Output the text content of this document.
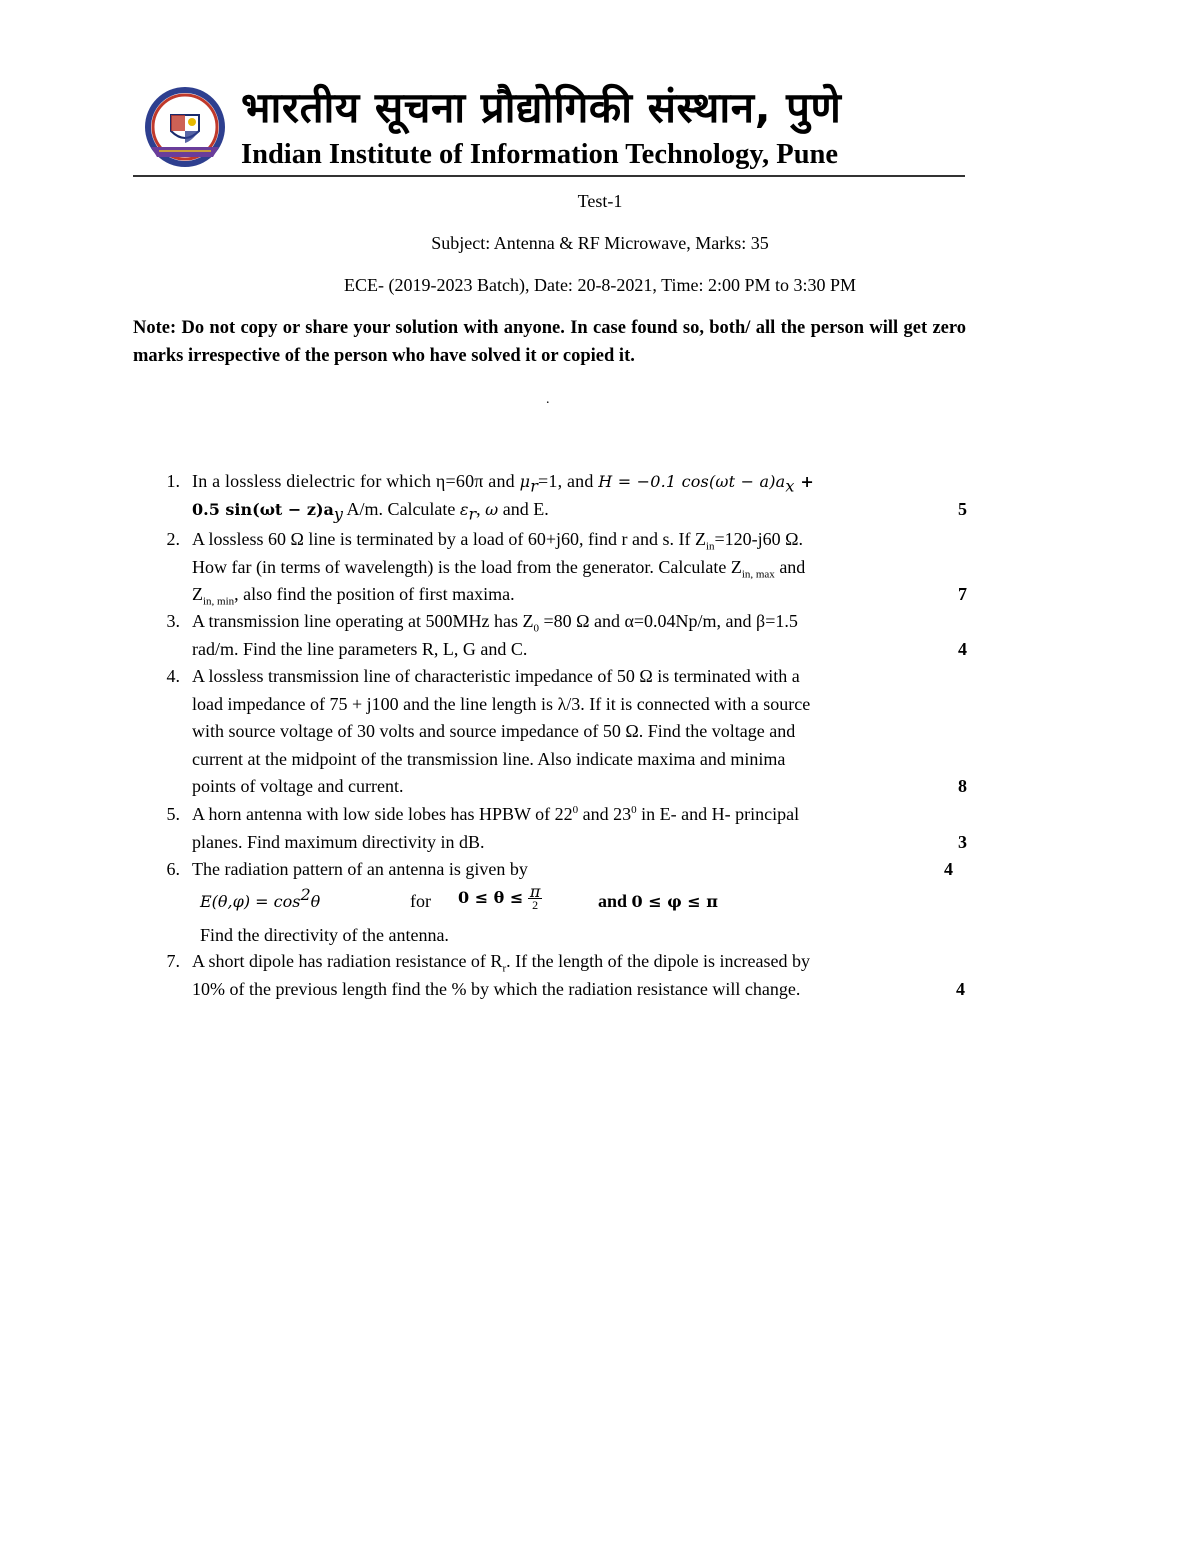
भारतीय सूचना प्रौद्योगिकी संस्थान, पुणे
Indian Institute of Information Technology, Pune
Test-1
Subject: Antenna & RF Microwave, Marks: 35
ECE- (2019-2023 Batch), Date: 20-8-2021, Time: 2:00 PM to 3:30 PM
Note: Do not copy or share your solution with anyone. In case found so, both/ all the person will get zero marks irrespective of the person who have solved it or copied it.
.
1. In a lossless dielectric for which η=60π and $\mu_r=1$, and H = −0.1 $\cos(\omega t - a)a_x$ +
0.5 $\sin(\omega t - z)a_y$ A/m. Calculate $\varepsilon_r$, ω and E.	5
2. A lossless 60 Ω line is terminated by a load of 60+j60, find r and s. If $Z_{in}=120-j60$ Ω.
How far (in terms of wavelength) is the load from the generator. Calculate $Z_{in, max}$ and
$Z_{in, min}$, also find the position of first maxima.	7
3. A transmission line operating at 500MHz has $Z_0 =80$ Ω and α=0.04Np/m, and β=1.5
rad/m. Find the line parameters R, L, G and C.	4
4. A lossless transmission line of characteristic impedance of 50 Ω is terminated with a
load impedance of 75 + j100 and the line length is λ/3. If it is connected with a source
with source voltage of 30 volts and source impedance of 50 Ω. Find the voltage and
current at the midpoint of the transmission line. Also indicate maxima and minima
points of voltage and current.	8
5. A horn antenna with low side lobes has HPBW of $22^0$ and $23^0$ in E- and H- principal
planes. Find maximum directivity in dB.	3
6. The radiation pattern of an antenna is given by	4
$E(\theta,\varphi) = \cos^2\theta$	for $0 \le \theta \le \frac{\pi}{2}$	and 0 ≤ φ ≤ π
Find the directivity of the antenna.
7. A short dipole has radiation resistance of $R_r$. If the length of the dipole is increased by
10% of the previous length find the % by which the radiation resistance will change.	4
